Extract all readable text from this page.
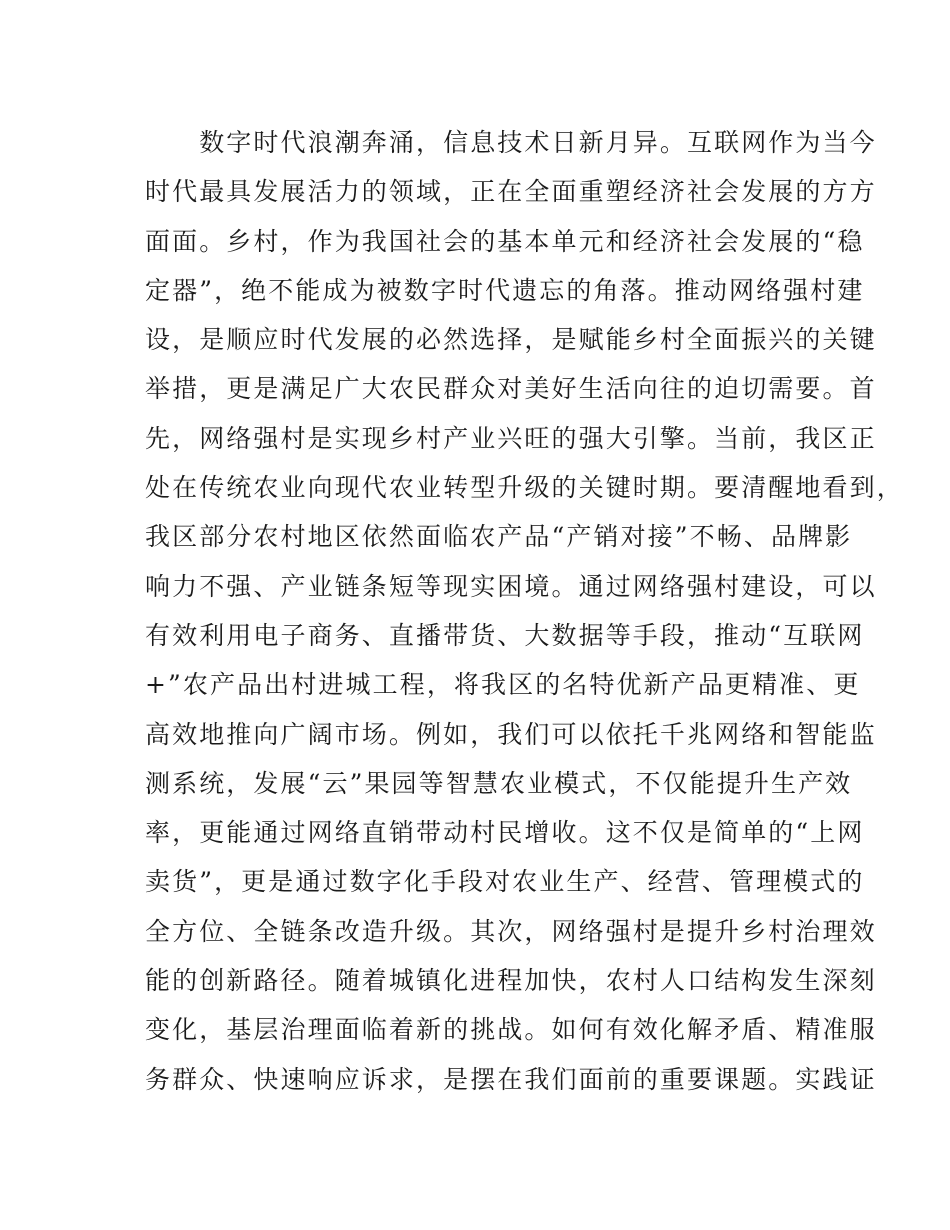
　　数字时代浪潮奔涌，信息技术日新月异。互联网作为当今
时代最具发展活力的领域，正在全面重塑经济社会发展的方方
面面。乡村，作为我国社会的基本单元和经济社会发展的“稳
定器”，绝不能成为被数字时代遗忘的角落。推动网络强村建
设，是顺应时代发展的必然选择，是赋能乡村全面振兴的关键
举措，更是满足广大农民群众对美好生活向往的迫切需要。首
先，网络强村是实现乡村产业兴旺的强大引擎。当前，我区正
处在传统农业向现代农业转型升级的关键时期。要清醒地看到，
我区部分农村地区依然面临农产品“产销对接”不畅、品牌影
响力不强、产业链条短等现实困境。通过网络强村建设，可以
有效利用电子商务、直播带货、大数据等手段，推动“互联网
+”农产品出村进城工程，将我区的名特优新产品更精准、更
高效地推向广阔市场。例如，我们可以依托千兆网络和智能监
测系统，发展“云”果园等智慧农业模式，不仅能提升生产效
率，更能通过网络直销带动村民增收。这不仅是简单的“上网
卖货”，更是通过数字化手段对农业生产、经营、管理模式的
全方位、全链条改造升级。其次，网络强村是提升乡村治理效
能的创新路径。随着城镇化进程加快，农村人口结构发生深刻
变化，基层治理面临着新的挑战。如何有效化解矛盾、精准服
务群众、快速响应诉求，是摆在我们面前的重要课题。实践证
